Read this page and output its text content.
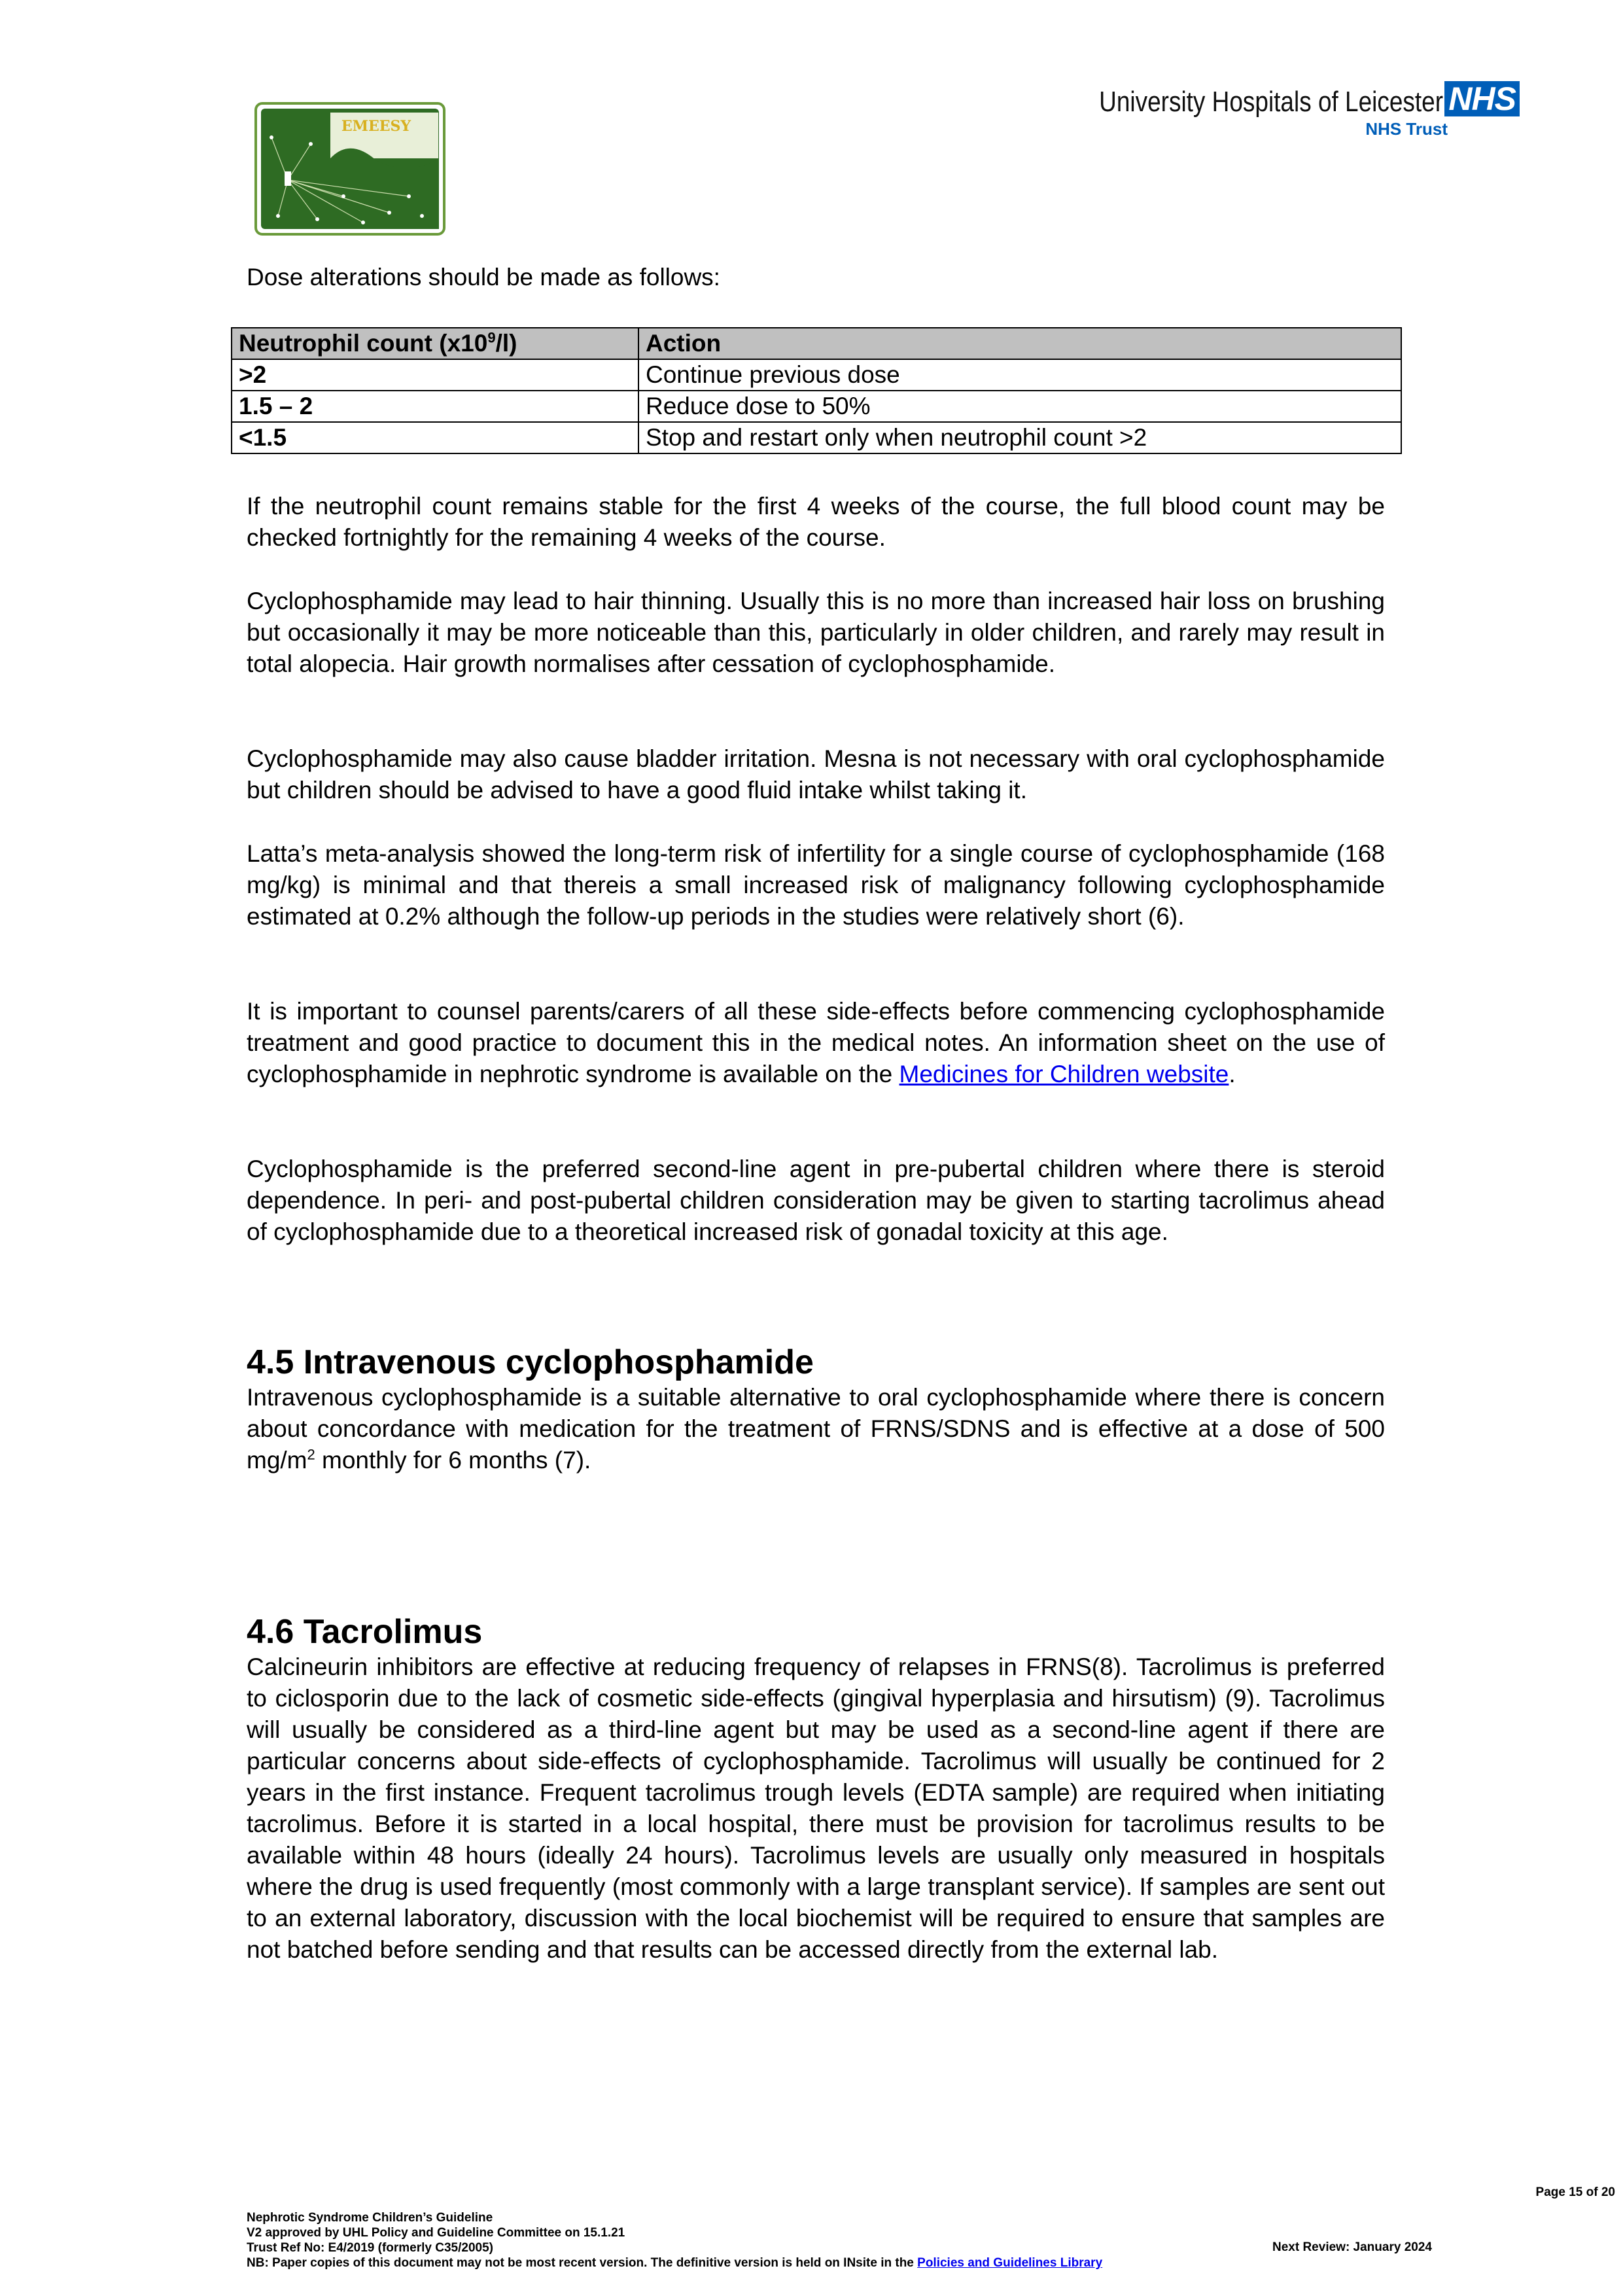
EMEESY
University Hospitals of Leicester NHS
NHS Trust

Dose alterations should be made as follows:

Neutrophil count $(x10^9/l)$	Action
>2	Continue previous dose
1.5 – 2	Reduce dose to 50%
<1.5	Stop and restart only when neutrophil count >2

If the neutrophil count remains stable for the first 4 weeks of the course, the full blood count may be checked fortnightly for the remaining 4 weeks of the course.

Cyclophosphamide may lead to hair thinning. Usually this is no more than increased hair loss on brushing but occasionally it may be more noticeable than this, particularly in older children, and rarely may result in total alopecia. Hair growth normalises after cessation of cyclophosphamide.

Cyclophosphamide may also cause bladder irritation. Mesna is not necessary with oral cyclophosphamide but children should be advised to have a good fluid intake whilst taking it.

Latta’s meta-analysis showed the long-term risk of infertility for a single course of cyclophosphamide (168 mg/kg) is minimal and that thereis a small increased risk of malignancy following cyclophosphamide estimated at 0.2% although the follow-up periods in the studies were relatively short (6).

It is important to counsel parents/carers of all these side-effects before commencing cyclophosphamide treatment and good practice to document this in the medical notes. An information sheet on the use of cyclophosphamide in nephrotic syndrome is available on the Medicines for Children website.

Cyclophosphamide is the preferred second-line agent in pre-pubertal children where there is steroid dependence. In peri- and post-pubertal children consideration may be given to starting tacrolimus ahead of cyclophosphamide due to a theoretical increased risk of gonadal toxicity at this age.

4.5 Intravenous cyclophosphamide

Intravenous cyclophosphamide is a suitable alternative to oral cyclophosphamide where there is concern about concordance with medication for the treatment of FRNS/SDNS and is effective at a dose of 500 $mg/m^2$ monthly for 6 months (7).

4.6 Tacrolimus

Calcineurin inhibitors are effective at reducing frequency of relapses in FRNS(8). Tacrolimus is preferred to ciclosporin due to the lack of cosmetic side-effects (gingival hyperplasia and hirsutism) (9). Tacrolimus will usually be considered as a third-line agent but may be used as a second-line agent if there are particular concerns about side-effects of cyclophosphamide. Tacrolimus will usually be continued for 2 years in the first instance. Frequent tacrolimus trough levels (EDTA sample) are required when initiating tacrolimus. Before it is started in a local hospital, there must be provision for tacrolimus results to be available within 48 hours (ideally 24 hours). Tacrolimus levels are usually only measured in hospitals where the drug is used frequently (most commonly with a large transplant service). If samples are sent out to an external laboratory, discussion with the local biochemist will be required to ensure that samples are not batched before sending and that results can be accessed directly from the external lab.

Page 15 of 20
Nephrotic Syndrome Children’s Guideline
V2 approved by UHL Policy and Guideline Committee on 15.1.21
Trust Ref No: E4/2019 (formerly C35/2005)
NB: Paper copies of this document may not be most recent version. The definitive version is held on INsite in the Policies and Guidelines Library
Next Review: January 2024
